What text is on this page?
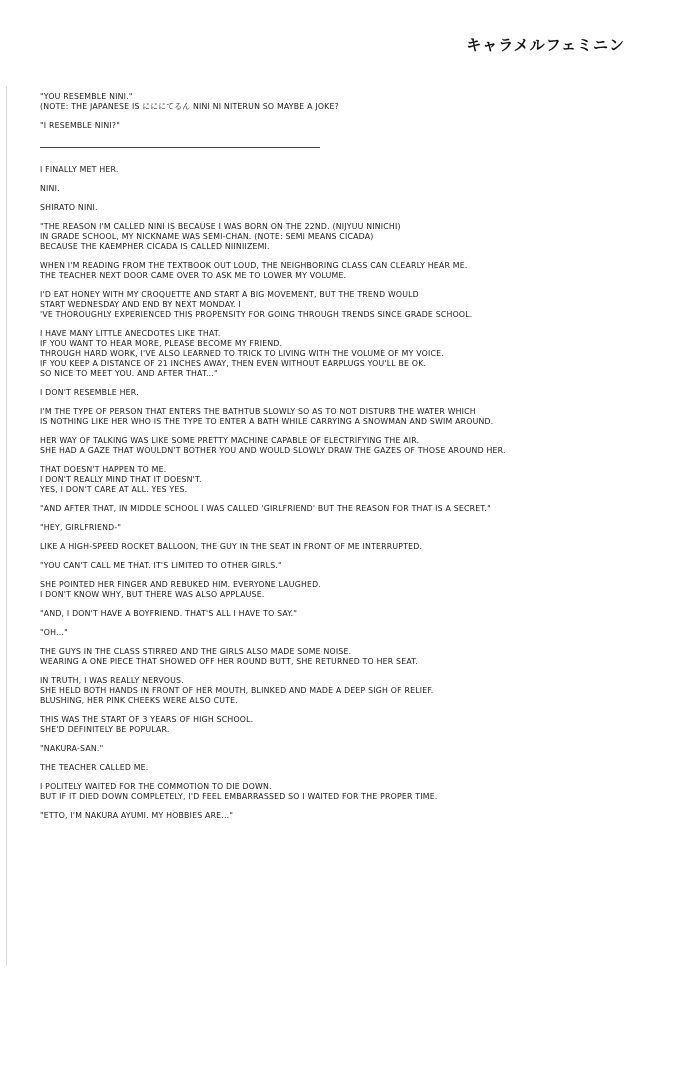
キャラメルフェミニン
"YOU RESEMBLE NINI."
(NOTE: THE JAPANESE IS にににてるん NINI NI NITERUN SO MAYBE A JOKE?
"I RESEMBLE NINI?"
I FINALLY MET HER.
NINI.
SHIRATO NINI.
"THE REASON I'M CALLED NINI IS BECAUSE I WAS BORN ON THE 22ND. (NIJYUU NINICHI)
IN GRADE SCHOOL, MY NICKNAME WAS SEMI-CHAN. (NOTE: SEMI MEANS CICADA)
BECAUSE THE KAEMPHER CICADA IS CALLED NIINIIZEMI.
WHEN I'M READING FROM THE TEXTBOOK OUT LOUD, THE NEIGHBORING CLASS CAN CLEARLY HEAR ME.
THE TEACHER NEXT DOOR CAME OVER TO ASK ME TO LOWER MY VOLUME.
I'D EAT HONEY WITH MY CROQUETTE AND START A BIG MOVEMENT, BUT THE TREND WOULD
START WEDNESDAY AND END BY NEXT MONDAY. I
'VE THOROUGHLY EXPERIENCED THIS PROPENSITY FOR GOING THROUGH TRENDS SINCE GRADE SCHOOL.
I HAVE MANY LITTLE ANECDOTES LIKE THAT.
IF YOU WANT TO HEAR MORE, PLEASE BECOME MY FRIEND.
THROUGH HARD WORK, I'VE ALSO LEARNED TO TRICK TO LIVING WITH THE VOLUME OF MY VOICE.
IF YOU KEEP A DISTANCE OF 21 INCHES AWAY, THEN EVEN WITHOUT EARPLUGS YOU'LL BE OK.
SO NICE TO MEET YOU. AND AFTER THAT..."
I DON'T RESEMBLE HER.
I'M THE TYPE OF PERSON THAT ENTERS THE BATHTUB SLOWLY SO AS TO NOT DISTURB THE WATER WHICH
IS NOTHING LIKE HER WHO IS THE TYPE TO ENTER A BATH WHILE CARRYING A SNOWMAN AND SWIM AROUND.
HER WAY OF TALKING WAS LIKE SOME PRETTY MACHINE CAPABLE OF ELECTRIFYING THE AIR.
SHE HAD A GAZE THAT WOULDN'T BOTHER YOU AND WOULD SLOWLY DRAW THE GAZES OF THOSE AROUND HER.
THAT DOESN'T HAPPEN TO ME.
I DON'T REALLY MIND THAT IT DOESN'T.
YES, I DON'T CARE AT ALL. YES YES.
"AND AFTER THAT, IN MIDDLE SCHOOL I WAS CALLED 'GIRLFRIEND' BUT THE REASON FOR THAT IS A SECRET."
"HEY, GIRLFRIEND-"
LIKE A HIGH-SPEED ROCKET BALLOON, THE GUY IN THE SEAT IN FRONT OF ME INTERRUPTED.
"YOU CAN'T CALL ME THAT. IT'S LIMITED TO OTHER GIRLS."
SHE POINTED HER FINGER AND REBUKED HIM. EVERYONE LAUGHED.
I DON'T KNOW WHY, BUT THERE WAS ALSO APPLAUSE.
"AND, I DON'T HAVE A BOYFRIEND. THAT'S ALL I HAVE TO SAY."
"OH..."
THE GUYS IN THE CLASS STIRRED AND THE GIRLS ALSO MADE SOME NOISE.
WEARING A ONE PIECE THAT SHOWED OFF HER ROUND BUTT, SHE RETURNED TO HER SEAT.
IN TRUTH, I WAS REALLY NERVOUS.
SHE HELD BOTH HANDS IN FRONT OF HER MOUTH, BLINKED AND MADE A DEEP SIGH OF RELIEF.
BLUSHING, HER PINK CHEEKS WERE ALSO CUTE.
THIS WAS THE START OF 3 YEARS OF HIGH SCHOOL.
SHE'D DEFINITELY BE POPULAR.
"NAKURA-SAN."
THE TEACHER CALLED ME.
I POLITELY WAITED FOR THE COMMOTION TO DIE DOWN.
BUT IF IT DIED DOWN COMPLETELY, I'D FEEL EMBARRASSED SO I WAITED FOR THE PROPER TIME.
"ETTO, I'M NAKURA AYUMI. MY HOBBIES ARE..."
